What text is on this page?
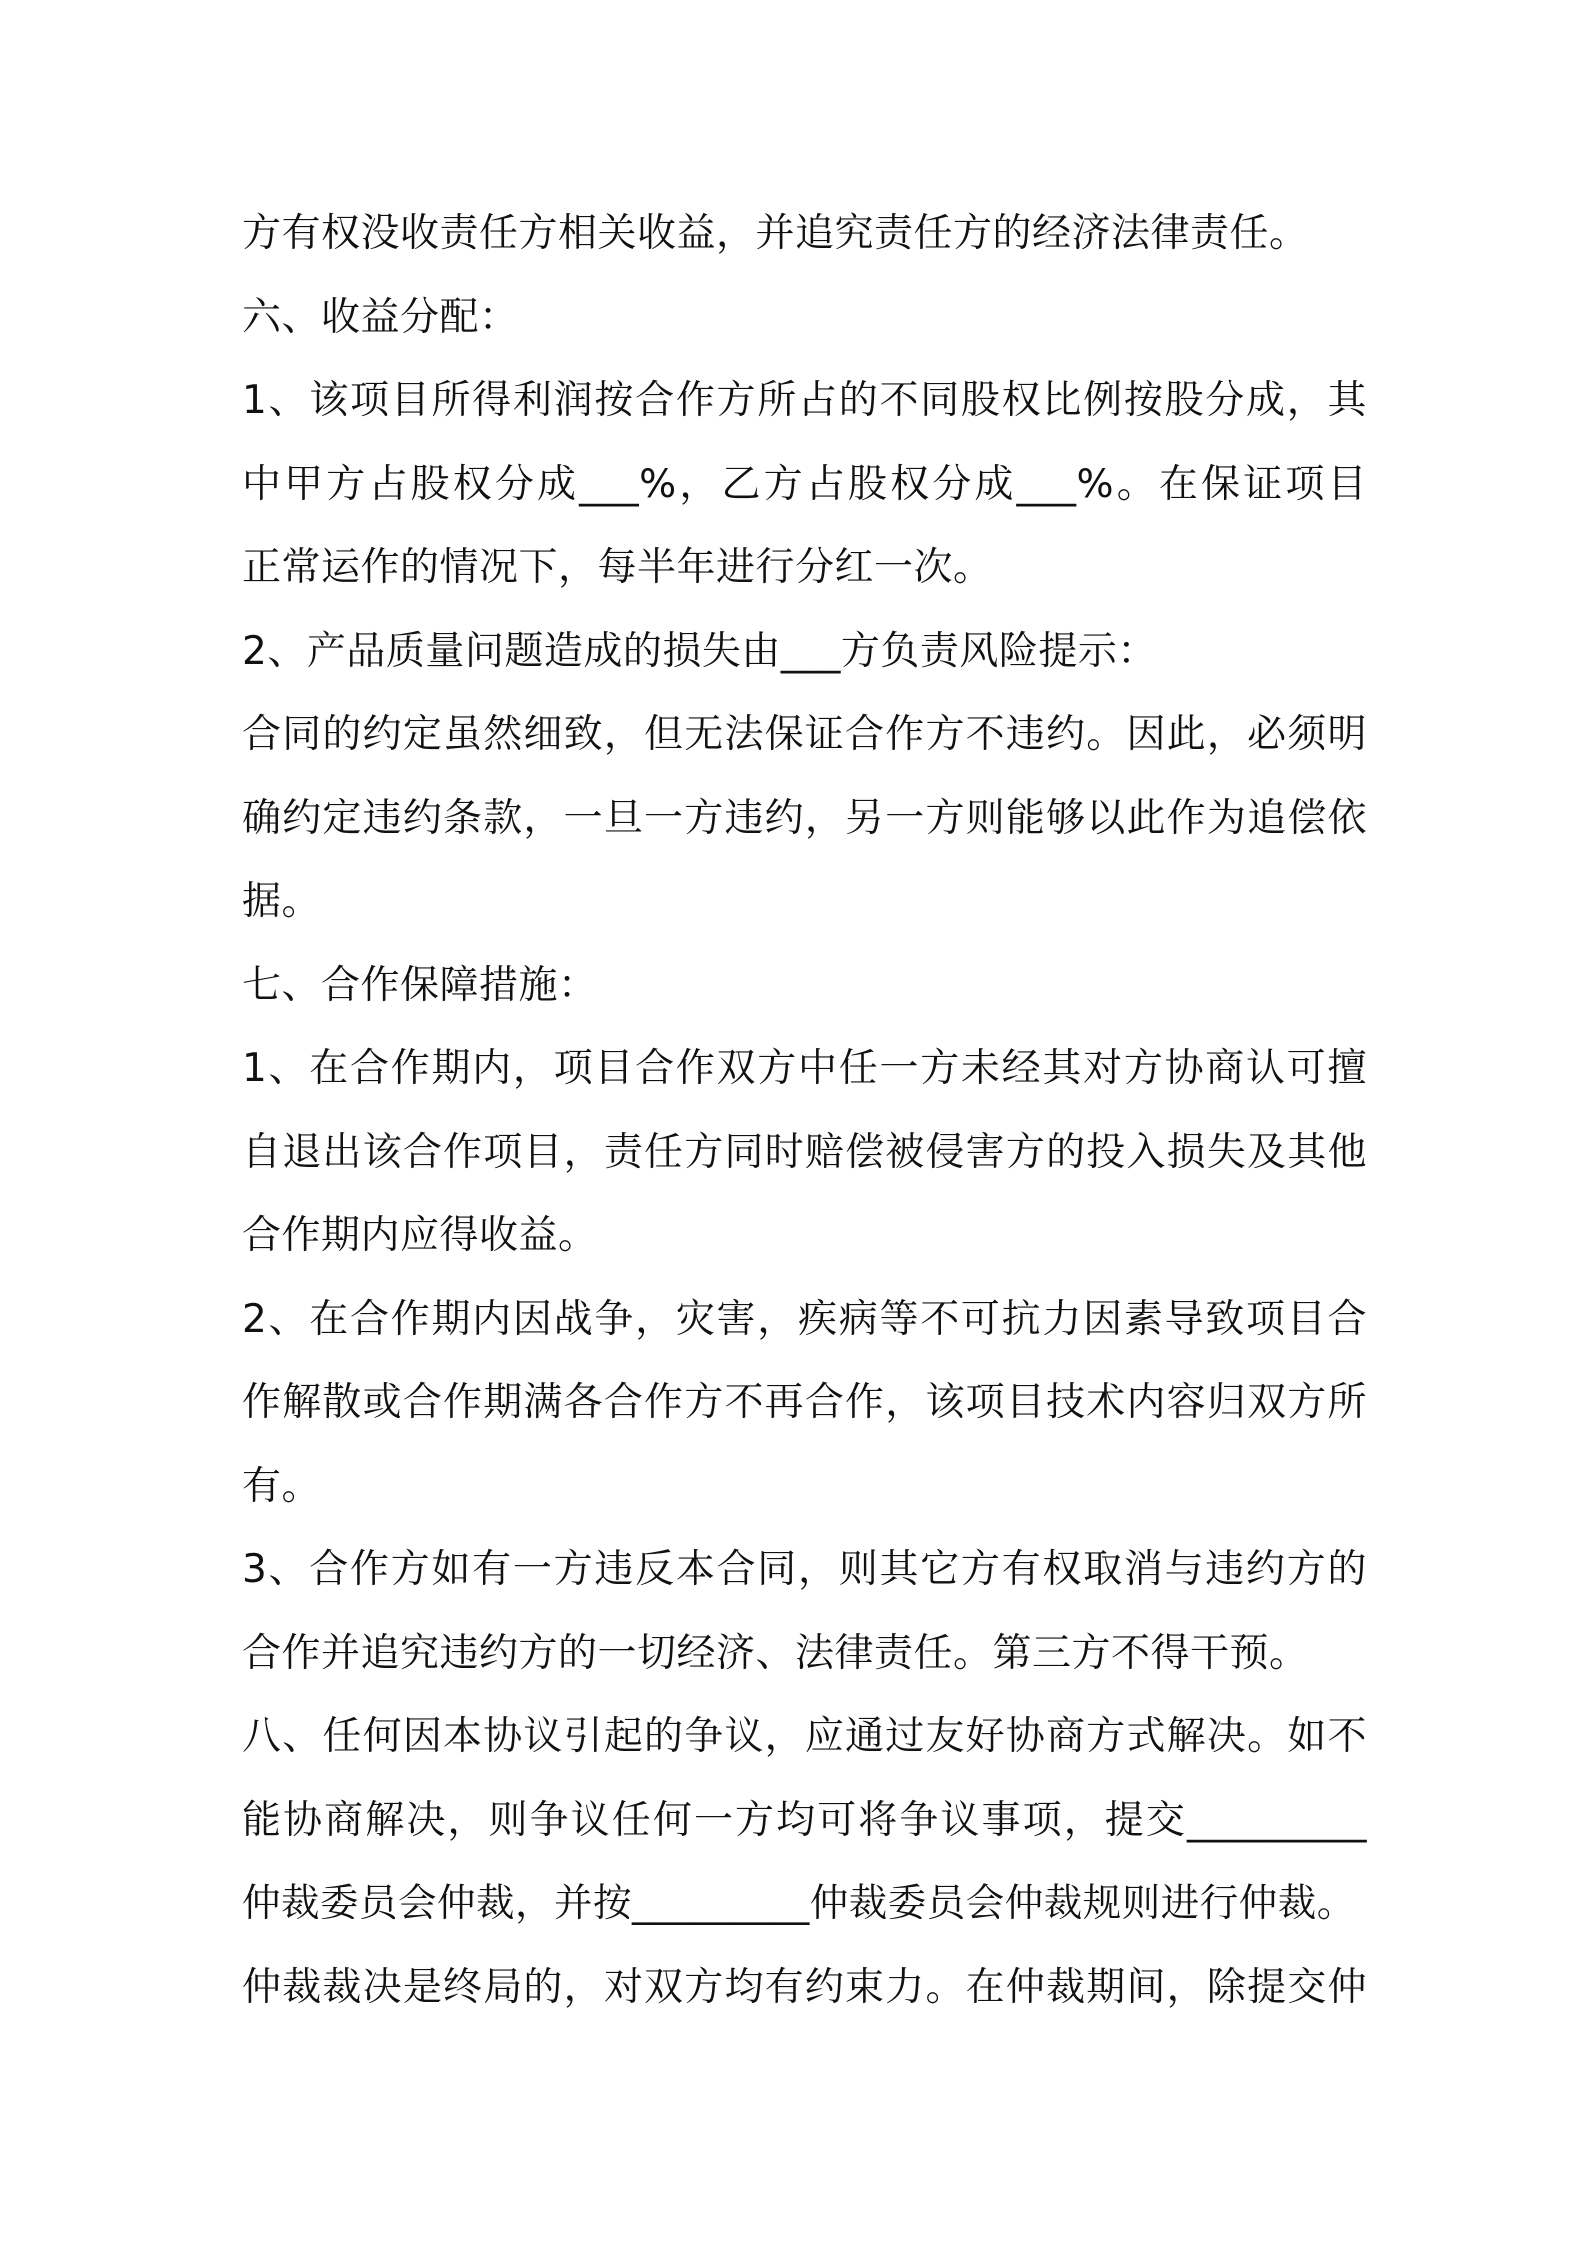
方有权没收责任方相关收益，并追究责任方的经济法律责任。
六、收益分配：
1、该项目所得利润按合作方所占的不同股权比例按股分成，其
中甲方占股权分成___%，乙方占股权分成___%。在保证项目
正常运作的情况下，每半年进行分红一次。
2、产品质量问题造成的损失由___方负责风险提示：
合同的约定虽然细致，但无法保证合作方不违约。因此，必须明
确约定违约条款，一旦一方违约，另一方则能够以此作为追偿依
据。
七、合作保障措施：
1、在合作期内，项目合作双方中任一方未经其对方协商认可擅
自退出该合作项目，责任方同时赔偿被侵害方的投入损失及其他
合作期内应得收益。
2、在合作期内因战争，灾害，疾病等不可抗力因素导致项目合
作解散或合作期满各合作方不再合作，该项目技术内容归双方所
有。
3、合作方如有一方违反本合同，则其它方有权取消与违约方的
合作并追究违约方的一切经济、法律责任。第三方不得干预。
八、任何因本协议引起的争议，应通过友好协商方式解决。如不
能协商解决，则争议任何一方均可将争议事项，提交_________
仲裁委员会仲裁，并按_________仲裁委员会仲裁规则进行仲裁。
仲裁裁决是终局的，对双方均有约束力。在仲裁期间，除提交仲
